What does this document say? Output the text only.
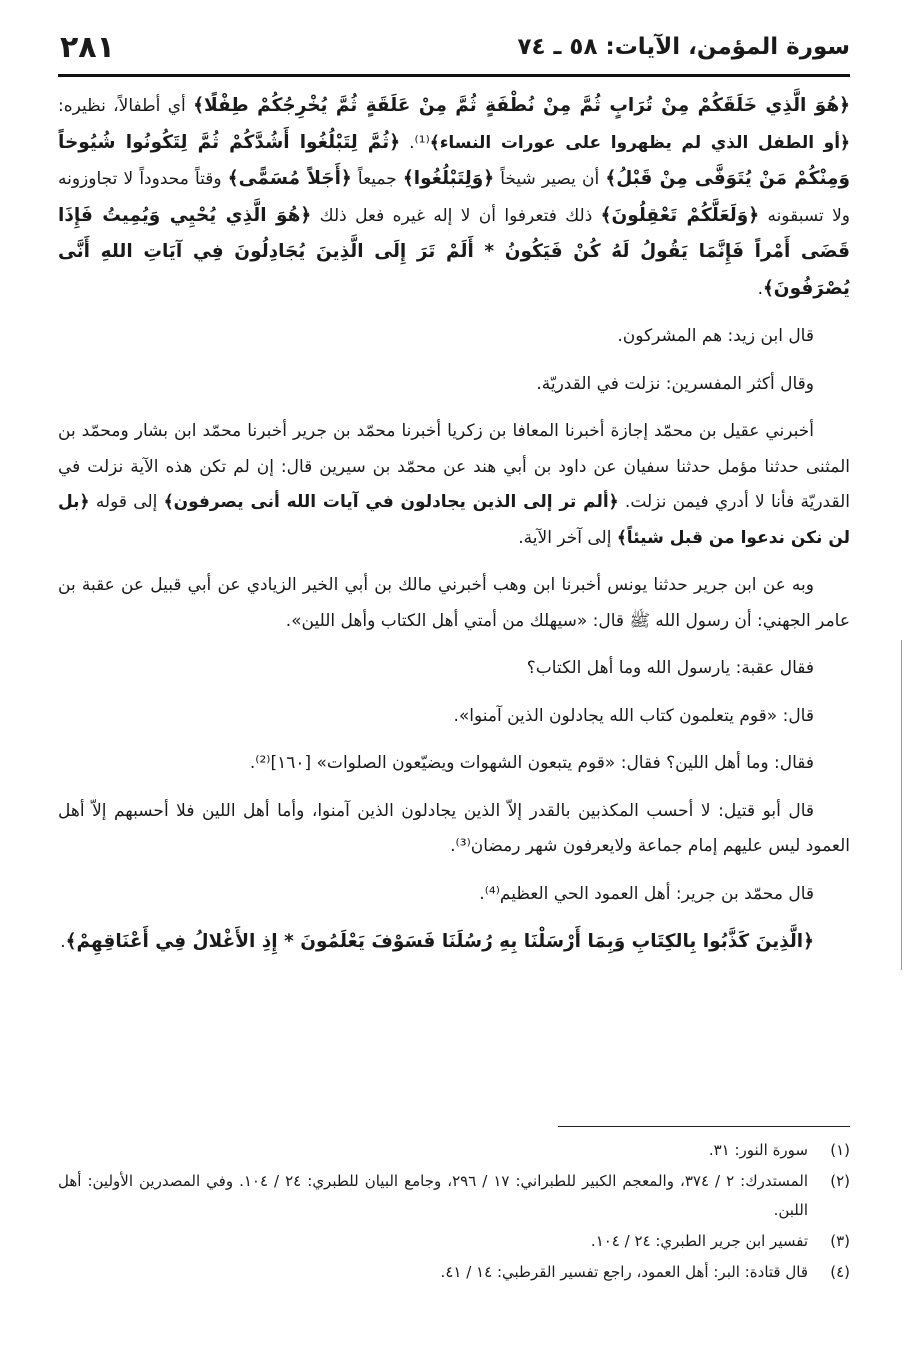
سورة المؤمن، الآيات: ٥٨ ـ ٧٤
٢٨١

﴿هُوَ الَّذِي خَلَقَكُمْ مِنْ تُرَابٍ ثُمَّ مِنْ نُطْفَةٍ ثُمَّ مِنْ عَلَقَةٍ ثُمَّ يُخْرِجُكُمْ طِفْلًا﴾ أي أطفالاً، نظيره: ﴿أو الطفل الذي لم يظهروا على عورات النساء﴾⁽¹⁾. ﴿ثُمَّ لِتَبْلُغُوا أَشُدَّكُمْ ثُمَّ لِتَكُونُوا شُيُوخاً وَمِنْكُمْ مَنْ يُتَوَفَّى مِنْ قَبْلُ﴾ أن يصير شيخاً ﴿وَلِتَبْلُغُوا﴾ جميعاً ﴿أَجَلاً مُسَمًّى﴾ وقتاً محدوداً لا تجاوزونه ولا تسبقونه ﴿وَلَعَلَّكُمْ تَعْقِلُونَ﴾ ذلك فتعرفوا أن لا إله غيره فعل ذلك ﴿هُوَ الَّذِي يُحْيِي وَيُمِيتُ فَإِذَا قَضَى أَمْراً فَإِنَّمَا يَقُولُ لَهُ كُنْ فَيَكُونُ * أَلَمْ تَرَ إِلَى الَّذِينَ يُجَادِلُونَ فِي آيَاتِ اللهِ أَنَّى يُصْرَفُونَ﴾.

قال ابن زيد: هم المشركون.

وقال أكثر المفسرين: نزلت في القدريّة.

أخبرني عقيل بن محمّد إجازة أخبرنا المعافا بن زكريا أخبرنا محمّد بن جرير أخبرنا محمّد ابن بشار ومحمّد بن المثنى حدثنا مؤمل حدثنا سفيان عن داود بن أبي هند عن محمّد بن سيرين قال: إن لم تكن هذه الآية نزلت في القدريّة فأنا لا أدري فيمن نزلت. ﴿ألم تر إلى الذين يجادلون في آيات الله أنى يصرفون﴾ إلى قوله ﴿بل لن نكن ندعوا من قبل شيئاً﴾ إلى آخر الآية.

وبه عن ابن جرير حدثنا يونس أخبرنا ابن وهب أخبرني مالك بن أبي الخير الزيادي عن أبي قبيل عن عقبة بن عامر الجهني: أن رسول الله ﷺ قال: «سيهلك من أمتي أهل الكتاب وأهل اللين».

فقال عقبة: يارسول الله وما أهل الكتاب؟

قال: «قوم يتعلمون كتاب الله يجادلون الذين آمنوا».

فقال: وما أهل اللين؟ فقال: «قوم يتبعون الشهوات ويضيّعون الصلوات» [١٦٠]⁽²⁾.

قال أبو قتيل: لا أحسب المكذبين بالقدر إلاّ الذين يجادلون الذين آمنوا، وأما أهل اللين فلا أحسبهم إلاّ أهل العمود ليس عليهم إمام جماعة ولايعرفون شهر رمضان⁽³⁾.

قال محمّد بن جرير: أهل العمود الحي العظيم⁽⁴⁾.

﴿الَّذِينَ كَذَّبُوا بِالكِتَابِ وَبِمَا أَرْسَلْنَا بِهِ رُسُلَنَا فَسَوْفَ يَعْلَمُونَ * إِذِ الأَغْلالُ فِي أَعْنَاقِهِمْ﴾.

(١)
سورة النور: ٣١.
(٢)
المستدرك: ٢ / ٣٧٤، والمعجم الكبير للطبراني: ١٧ / ٢٩٦، وجامع البيان للطبري: ٢٤ / ١٠٤. وفي المصدرين الأولين: أهل اللبن.
(٣)
تفسير ابن جرير الطبري: ٢٤ / ١٠٤.
(٤)
قال قتادة: البر: أهل العمود، راجع تفسير القرطبي: ١٤ / ٤١.
